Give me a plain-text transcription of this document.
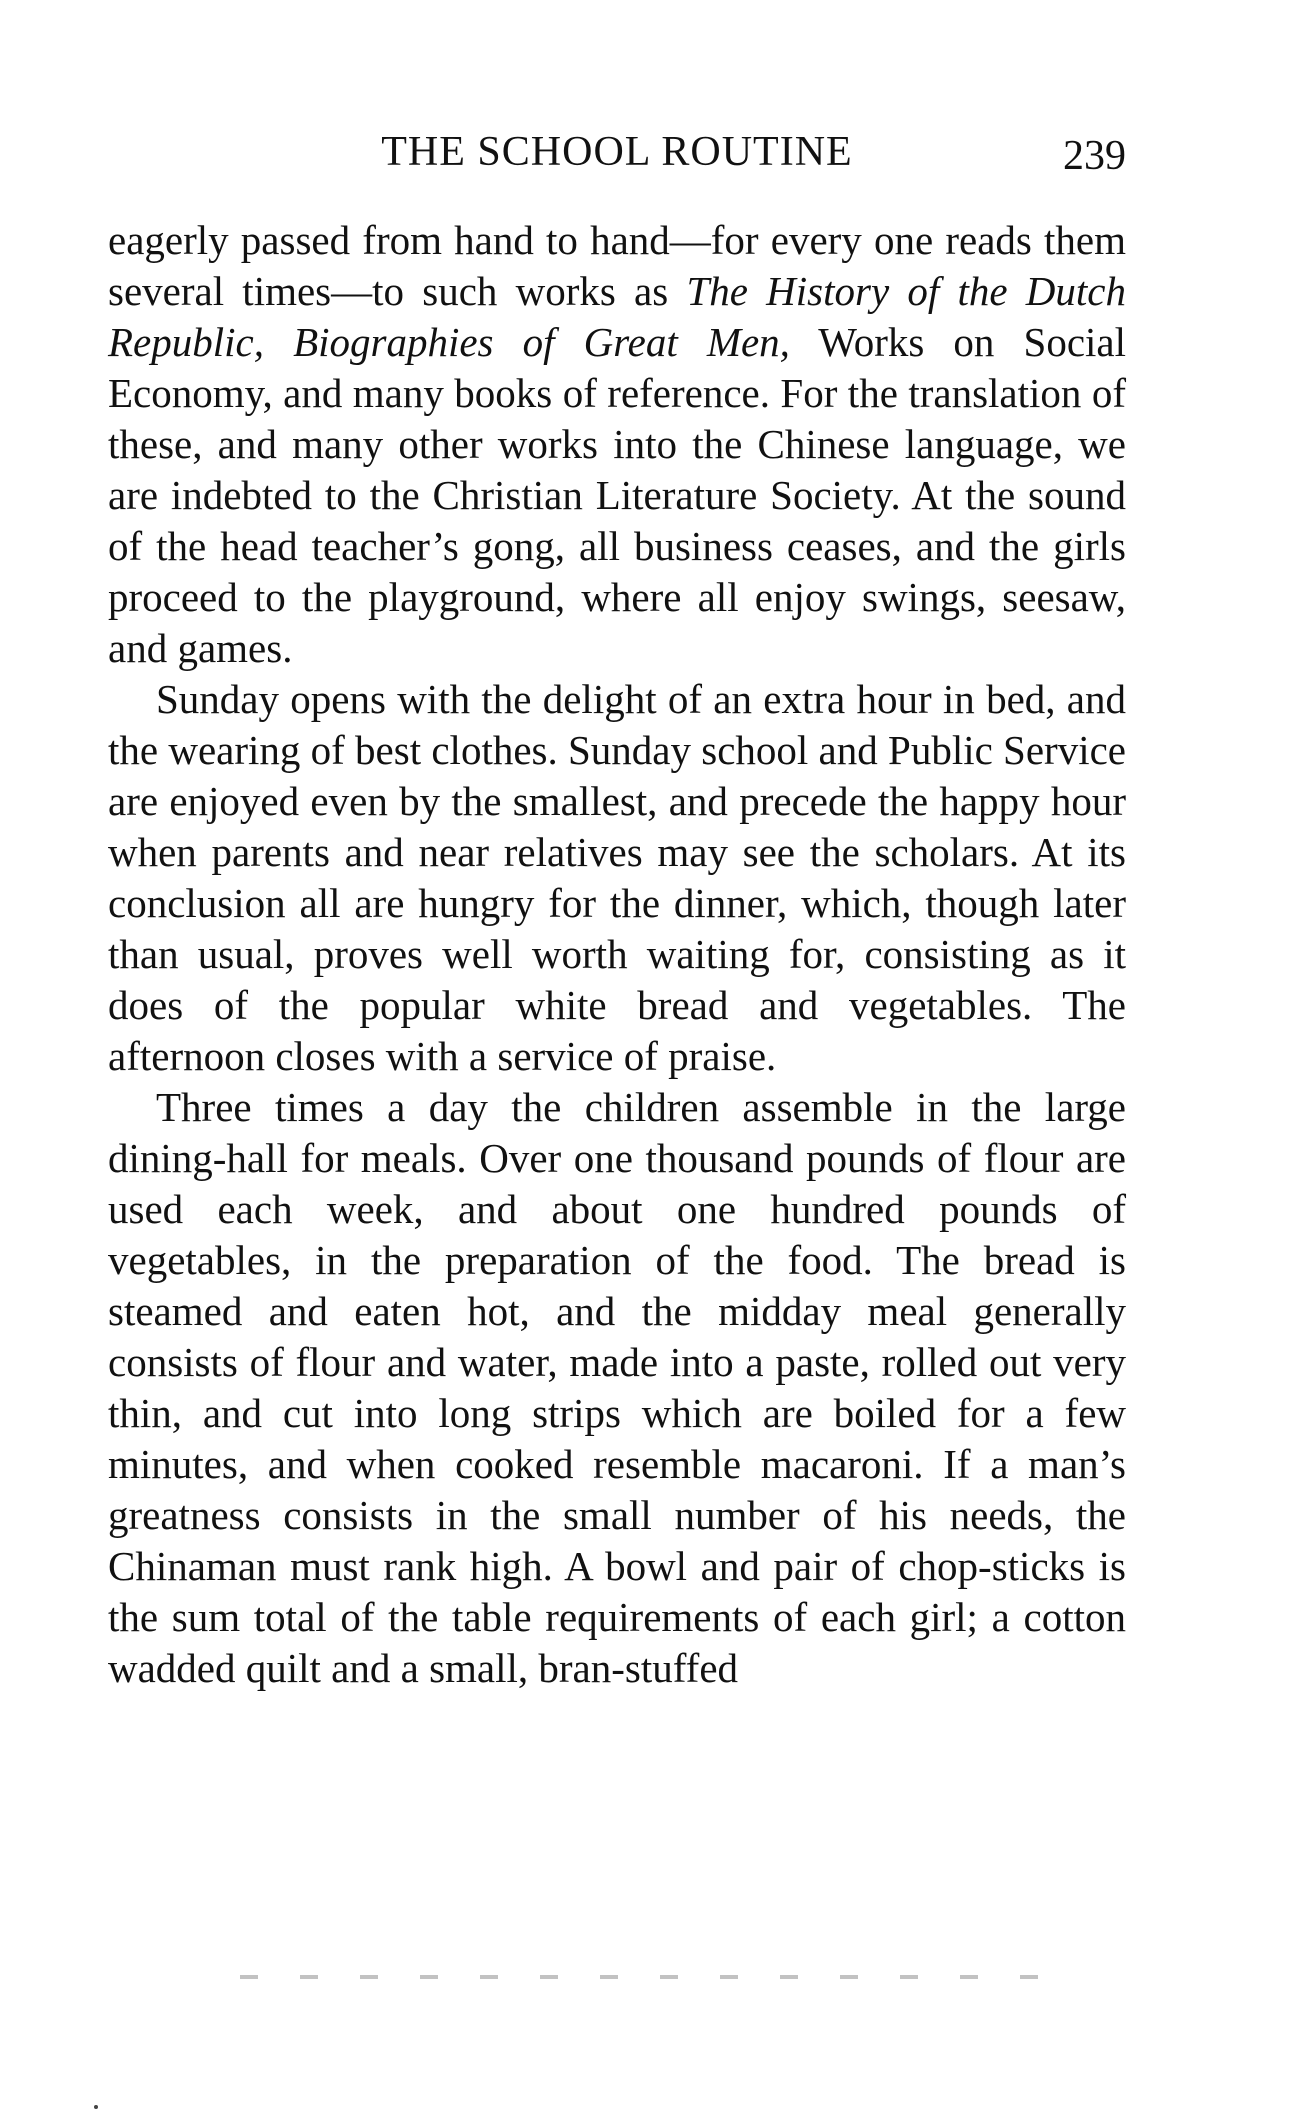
THE SCHOOL ROUTINE	239

eagerly passed from hand to hand—for every one reads them several times—to such works as The History of the Dutch Republic, Biographies of Great Men, Works on Social Economy, and many books of reference. For the translation of these, and many other works into the Chinese language, we are indebted to the Christian Literature Society. At the sound of the head teacher’s gong, all business ceases, and the girls proceed to the playground, where all enjoy swings, seesaw, and games.

Sunday opens with the delight of an extra hour in bed, and the wearing of best clothes. Sunday school and Public Service are enjoyed even by the smallest, and precede the happy hour when parents and near relatives may see the scholars. At its conclusion all are hungry for the dinner, which, though later than usual, proves well worth waiting for, consisting as it does of the popular white bread and vegetables. The afternoon closes with a service of praise.

Three times a day the children assemble in the large dining-hall for meals. Over one thousand pounds of flour are used each week, and about one hundred pounds of vegetables, in the preparation of the food. The bread is steamed and eaten hot, and the midday meal generally consists of flour and water, made into a paste, rolled out very thin, and cut into long strips which are boiled for a few minutes, and when cooked resemble macaroni. If a man’s greatness consists in the small number of his needs, the Chinaman must rank high. A bowl and pair of chop-sticks is the sum total of the table requirements of each girl; a cotton wadded quilt and a small, bran-stuffed
